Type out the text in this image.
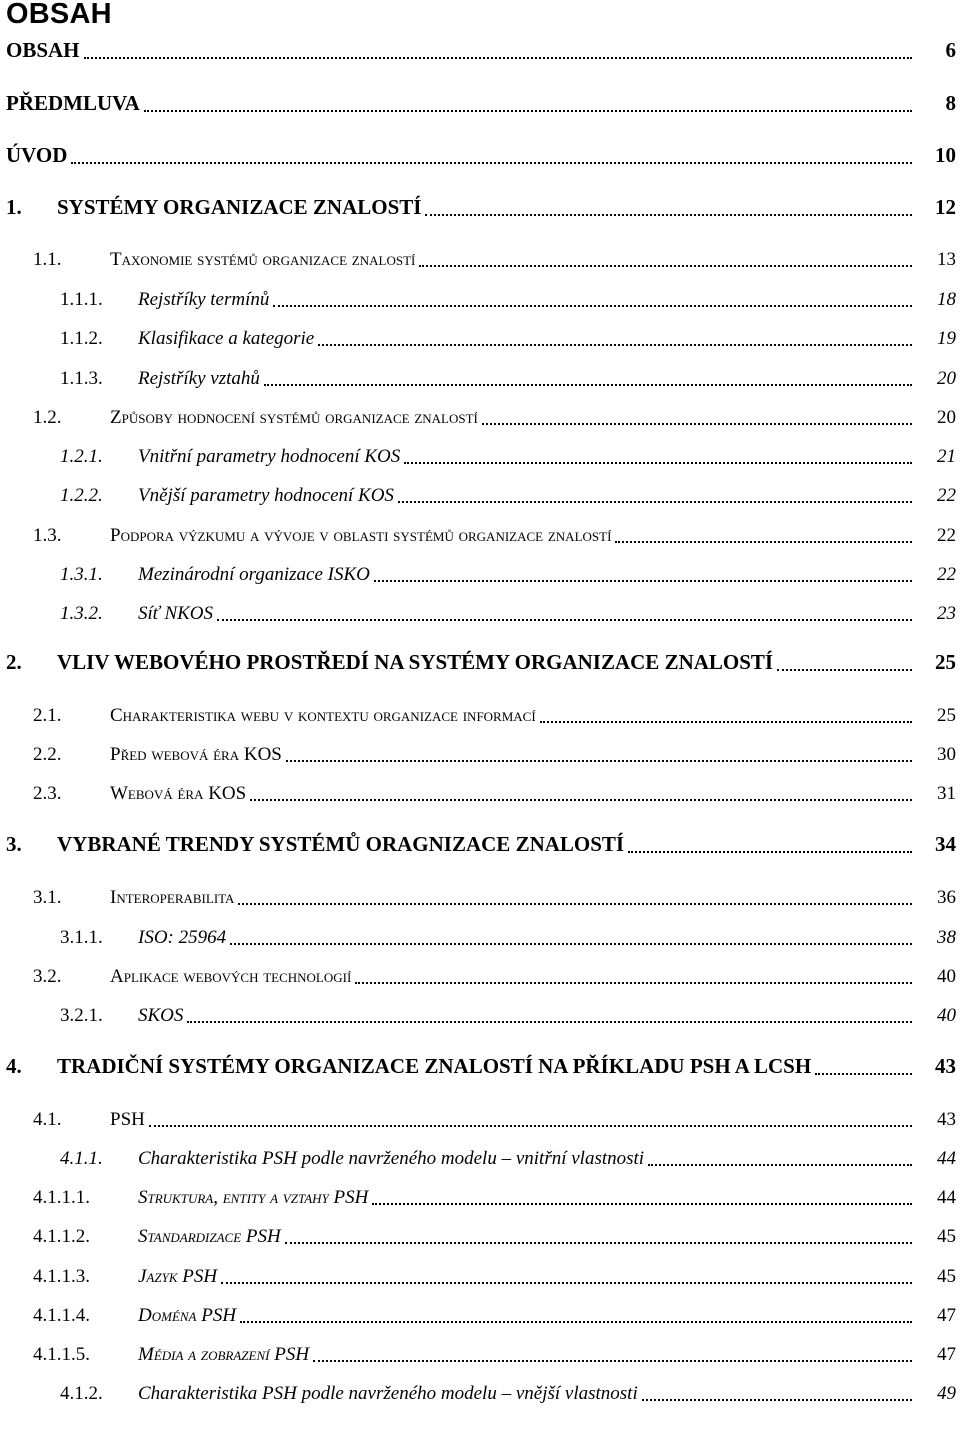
OBSAH
OBSAH	6
PŘEDMLUVA	8
ÚVOD	10
1. SYSTÉMY ORGANIZACE ZNALOSTÍ	12
1.1.	Taxonomie systémů organizace znalostí	13
1.1.1. Rejstříky termínů	18
1.1.2. Klasifikace a kategorie	19
1.1.3. Rejstříky vztahů	20
1.2.	Způsoby hodnocení systémů organizace znalostí	20
1.2.1. Vnitřní parametry hodnocení KOS	21
1.2.2. Vnější parametry hodnocení KOS	22
1.3.	Podpora výzkumu a vývoje v oblasti systémů organizace znalostí	22
1.3.1. Mezinárodní organizace ISKO	22
1.3.2. Síť NKOS	23
2. VLIV WEBOVÉHO PROSTŘEDÍ NA SYSTÉMY ORGANIZACE ZNALOSTÍ	25
2.1.	Charakteristika webu v kontextu organizace informací	25
2.2.	Před webová éra KOS	30
2.3.	Webová éra KOS	31
3. VYBRANÉ TRENDY SYSTÉMŮ ORAGNIZACE ZNALOSTÍ	34
3.1.	Interoperabilita	36
3.1.1. ISO: 25964	38
3.2.	Aplikace webových technologií	40
3.2.1. SKOS	40
4. TRADIČNÍ SYSTÉMY ORGANIZACE ZNALOSTÍ NA PŘÍKLADU PSH A LCSH	43
4.1.	PSH	43
4.1.1. Charakteristika PSH podle navrženého modelu – vnitřní vlastnosti	44
4.1.1.1.	Struktura, entity a vztahy PSH	44
4.1.1.2.	Standardizace PSH	45
4.1.1.3.	Jazyk PSH	45
4.1.1.4.	Doména PSH	47
4.1.1.5.	Média a zobrazení PSH	47
4.1.2. Charakteristika PSH podle navrženého modelu – vnější vlastnosti	49
